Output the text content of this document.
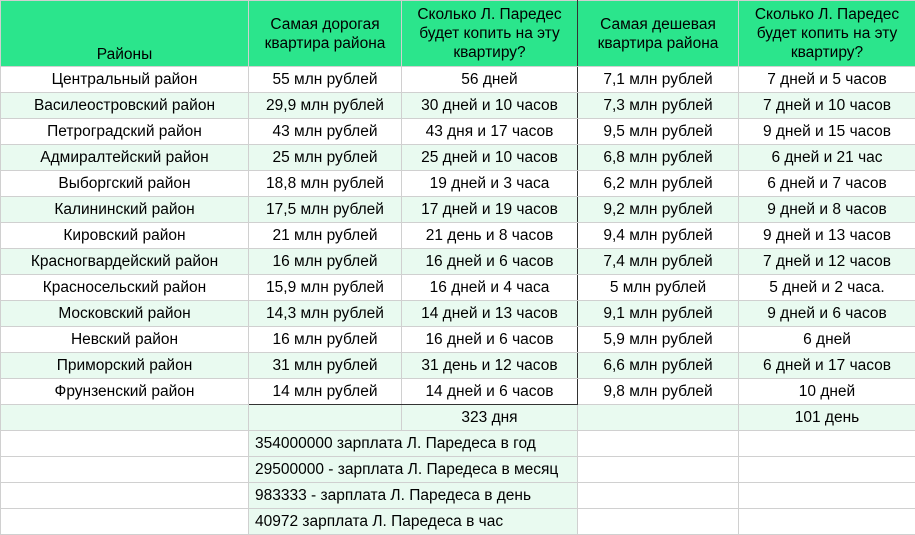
Районы	Самая дорогая квартира района	Сколько Л. Паредес будет копить на эту квартиру?	Самая дешевая квартира района	Сколько Л. Паредес будет копить на эту квартиру?
Центральный район	55 млн рублей	56 дней	7,1 млн рублей	7 дней и 5 часов
Василеостровский район	29,9 млн рублей	30 дней и 10 часов	7,3 млн рублей	7 дней и 10 часов
Петроградский район	43 млн рублей	43 дня и 17 часов	9,5 млн рублей	9 дней и 15 часов
Адмиралтейский район	25 млн рублей	25 дней и 10 часов	6,8 млн рублей	6 дней и 21 час
Выборгский район	18,8 млн рублей	19 дней и 3 часа	6,2 млн рублей	6 дней и 7 часов
Калининский район	17,5 млн рублей	17 дней и 19 часов	9,2 млн рублей	9 дней и 8 часов
Кировский район	21 млн рублей	21 день и 8 часов	9,4 млн рублей	9 дней и 13 часов
Красногвардейский район	16 млн рублей	16 дней и 6 часов	7,4 млн рублей	7 дней и 12 часов
Красносельский район	15,9 млн рублей	16 дней и 4 часа	5 млн рублей	5 дней и 2 часа.
Московский район	14,3 млн рублей	14 дней и 13 часов	9,1 млн рублей	9 дней и 6 часов
Невский район	16 млн рублей	16 дней и 6 часов	5,9 млн рублей	6 дней
Приморский район	31 млн рублей	31 день и 12 часов	6,6 млн рублей	6 дней и 17 часов
Фрунзенский район	14 млн рублей	14 дней и 6 часов	9,8 млн рублей	10 дней
		323 дня		101 день
	354000000 зарплата Л. Паредеса в год			
	29500000 - зарплата Л. Паредеса в месяц			
	983333 - зарплата Л. Паредеса в день			
	40972 зарплата Л. Паредеса в час			
